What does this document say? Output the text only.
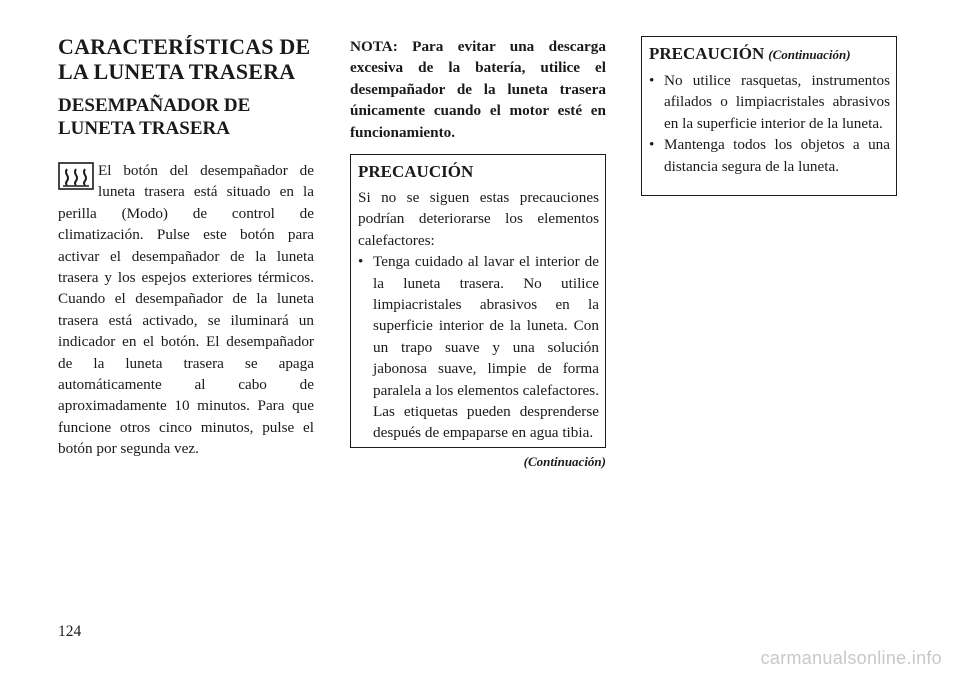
CARACTERÍSTICAS DE LA LUNETA TRASERA
DESEMPAÑADOR DE LUNETA TRASERA

El botón del desempañador de luneta trasera está situado en la perilla (Modo) de control de climatización. Pulse este botón para activar el desempañador de la luneta trasera y los espejos exteriores térmicos. Cuando el desempañador de la luneta trasera está activado, se iluminará un indicador en el botón. El desempañador de la luneta trasera se apaga automáticamente al cabo de aproximadamente 10 minutos. Para que funcione otros cinco minutos, pulse el botón por segunda vez.

NOTA: Para evitar una descarga excesiva de la batería, utilice el desempañador de la luneta trasera únicamente cuando el motor esté en funcionamiento.

PRECAUCIÓN

Si no se siguen estas precauciones podrían deteriorarse los elementos calefactores:

• Tenga cuidado al lavar el interior de la luneta trasera. No utilice limpiacristales abrasivos en la superficie interior de la luneta. Con un trapo suave y una solución jabonosa suave, limpie de forma paralela a los elementos calefactores. Las etiquetas pueden desprenderse después de empaparse en agua tibia.
(Continuación)

PRECAUCIÓN (Continuación)

• No utilice rasquetas, instrumentos afilados o limpiacristales abrasivos en la superficie interior de la luneta.
• Mantenga todos los objetos a una distancia segura de la luneta.
124
carmanualsonline.info
